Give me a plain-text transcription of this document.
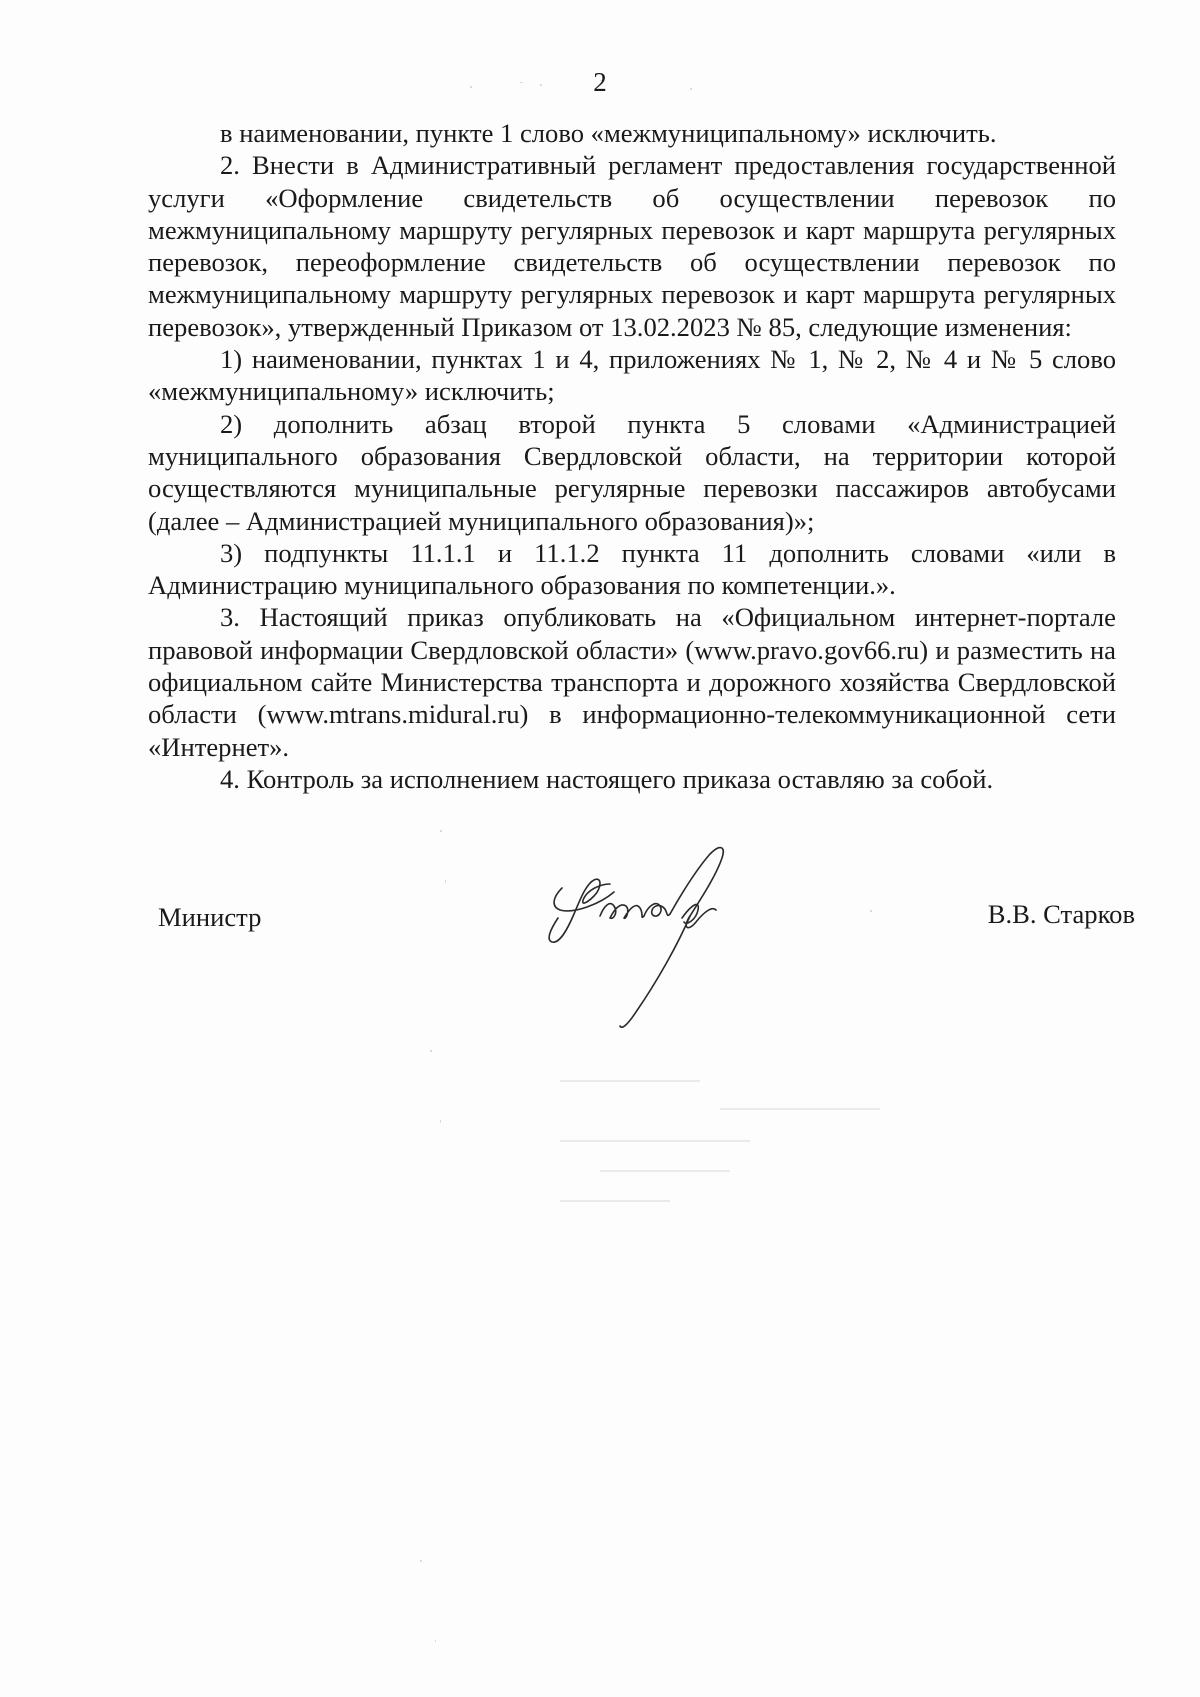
2

в наименовании, пункте 1 слово «межмуниципальному» исключить.

2. Внести в Административный регламент предоставления государственной услуги «Оформление свидетельств об осуществлении перевозок по межмуниципальному маршруту регулярных перевозок и карт маршрута регулярных перевозок, переоформление свидетельств об осуществлении перевозок по межмуниципальному маршруту регулярных перевозок и карт маршрута регулярных перевозок», утвержденный Приказом от 13.02.2023 № 85, следующие изменения:

1) наименовании, пунктах 1 и 4, приложениях № 1, № 2, № 4 и № 5 слово «межмуниципальному» исключить;

2) дополнить абзац второй пункта 5 словами «Администрацией муниципального образования Свердловской области, на территории которой осуществляются муниципальные регулярные перевозки пассажиров автобусами (далее – Администрацией муниципального образования)»;

3) подпункты 11.1.1 и 11.1.2 пункта 11 дополнить словами «или в Администрацию муниципального образования по компетенции.».

3. Настоящий приказ опубликовать на «Официальном интернет-портале правовой информации Свердловской области» (www.pravo.gov66.ru) и разместить на официальном сайте Министерства транспорта и дорожного хозяйства Свердловской области (www.mtrans.midural.ru) в информационно-телекоммуникационной сети «Интернет».

4. Контроль за исполнением настоящего приказа оставляю за собой.

Министр	В.В. Старков
